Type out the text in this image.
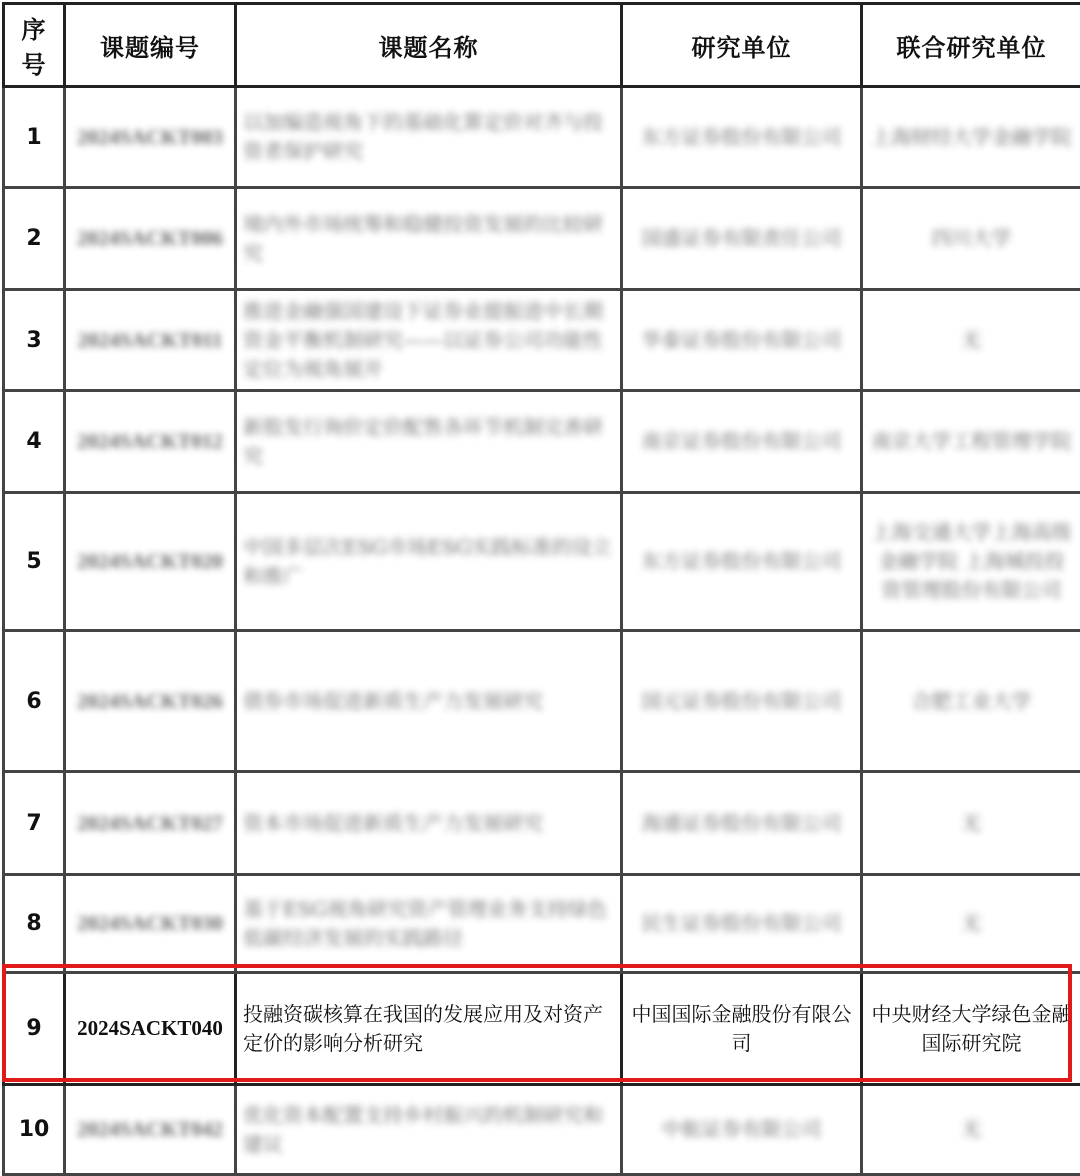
序号	课题编号	课题名称	研究单位	联合研究单位
1	2024SACKT003	以加编造视角下的基础化算定价对齐与投资者保护研究	东方证券股份有限公司	上海财经大学金融学院
2	2024SACKT006	境内外市场统筹和稳健投资发展的比较研究	国盛证券有限责任公司	四川大学
3	2024SACKT011	推进金融强国建设下证券业提振进中长期资金平衡机制研究——以证券公司功能性定位为视角展开	华泰证券股份有限公司	无
4	2024SACKT012	新股发行询价定价配售各环节机制完善研究	南京证券股份有限公司	南京大学工程管理学院
5	2024SACKT020	中国多层次ESG市场ESG实践标准的设立和推广	东方证券股份有限公司	上海交通大学上海高级金融学院 上海城投投资管理股份有限公司
6	2024SACKT026	债券市场促进新质生产力发展研究	国元证券股份有限公司	合肥工业大学
7	2024SACKT027	资本市场促进新质生产力发展研究	海通证券股份有限公司	无
8	2024SACKT030	基于ESG视角研究资产管理业务支持绿色低碳经济发展的实践路径	民生证券股份有限公司	无
9	2024SACKT040	投融资碳核算在我国的发展应用及对资产定价的影响分析研究	中国国际金融股份有限公司	中央财经大学绿色金融国际研究院
10	2024SACKT042	优化资本配置支持乡村振兴的机制研究和建议	中航证券有限公司	无
